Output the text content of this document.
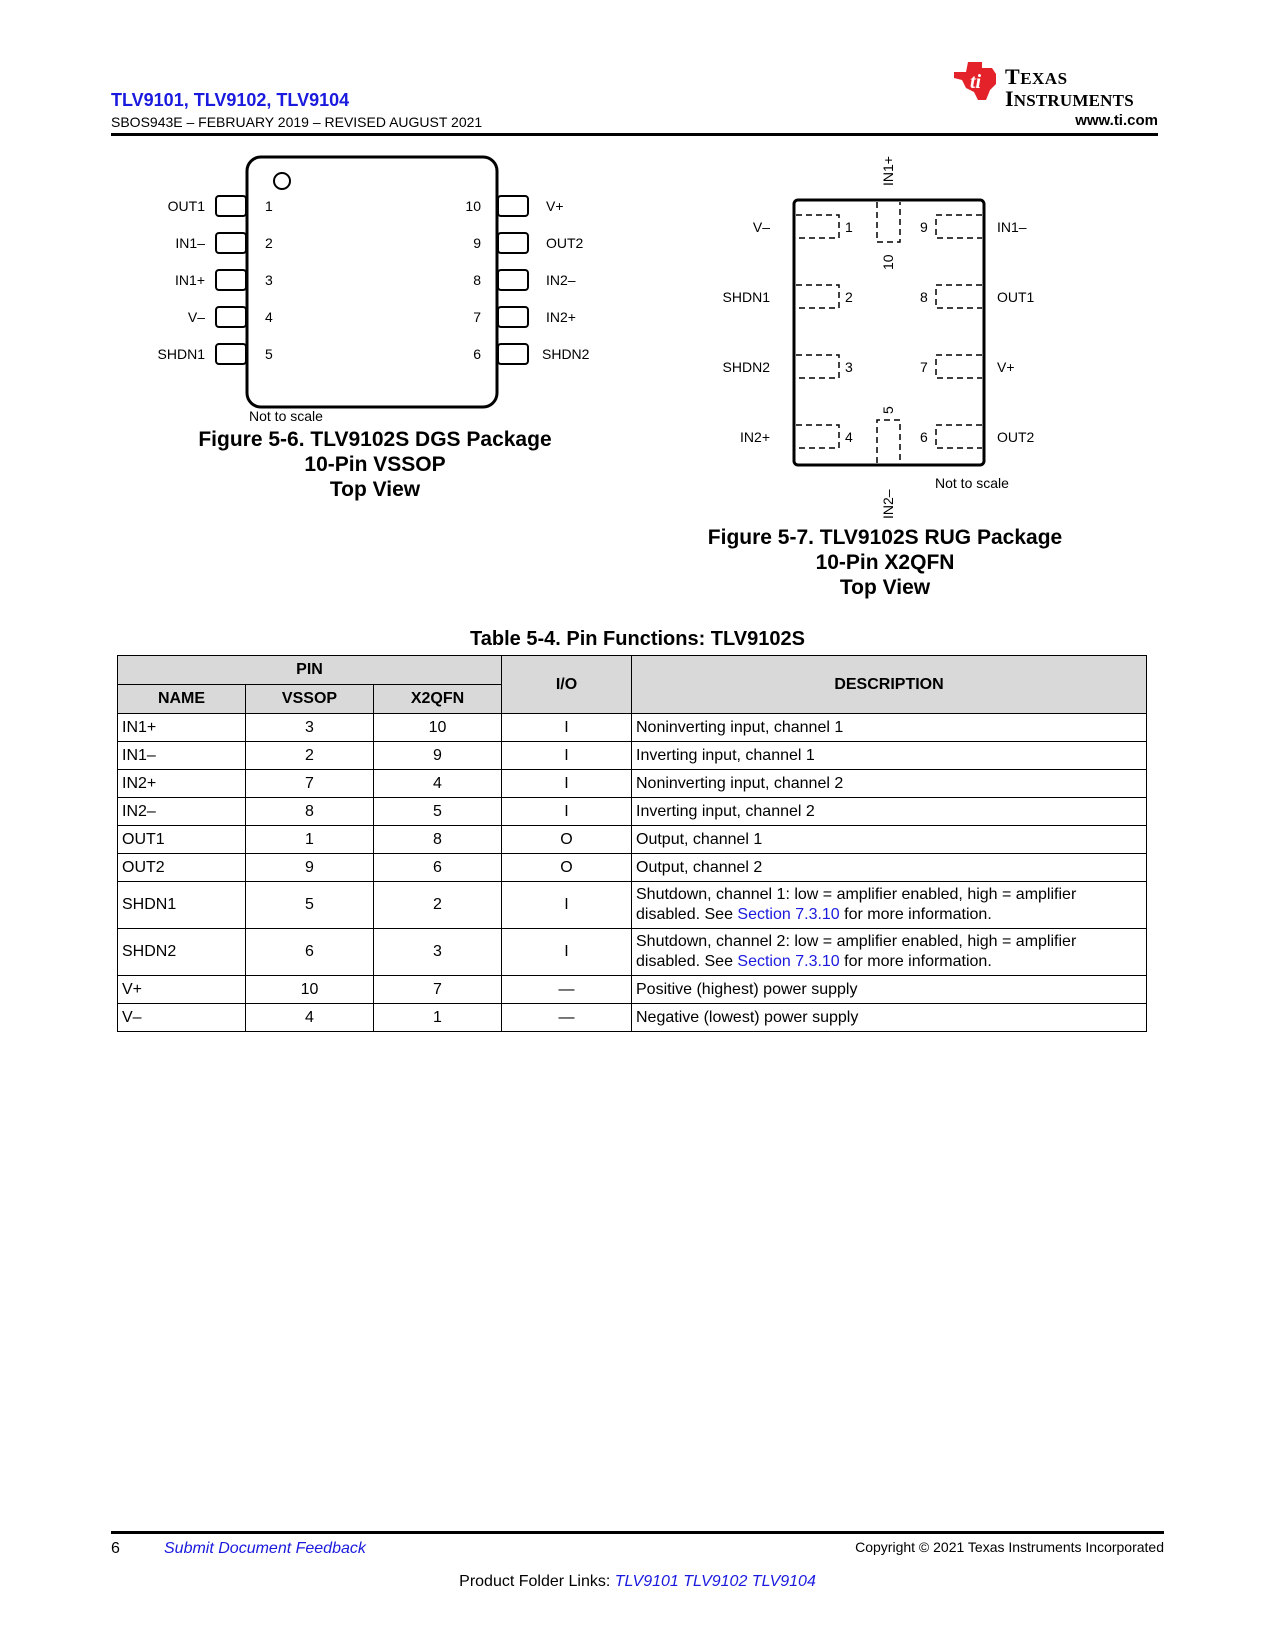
TLV9101, TLV9102, TLV9104
SBOS943E – FEBRUARY 2019 – REVISED AUGUST 2021	www.ti.com
ti TEXAS
INSTRUMENTS
OUT1
IN1–
IN1+
V–
SHDN1
1
2
3
4
5
10
9
8
7
6
V+
OUT2
IN2–
IN2+
SHDN2
Not to scale
Figure 5-6. TLV9102S DGS Package
10-Pin VSSOP
Top View
V–
SHDN1
SHDN2
IN2+
1
2
3
4
9
8
7
6
IN1–
OUT1
V+
OUT2
IN1+
10
5
IN2–
Not to scale
Figure 5-7. TLV9102S RUG Package
10-Pin X2QFN
Top View
Table 5-4. Pin Functions: TLV9102S
PIN			I/O	DESCRIPTION
NAME	VSSOP	X2QFN		
IN1+	3	10	I	Noninverting input, channel 1
IN1–	2	9	I	Inverting input, channel 1
IN2+	7	4	I	Noninverting input, channel 2
IN2–	8	5	I	Inverting input, channel 2
OUT1	1	8	O	Output, channel 1
OUT2	9	6	O	Output, channel 2
SHDN1	5	2	I	Shutdown, channel 1: low = amplifier enabled, high = amplifier disabled. See Section 7.3.10 for more information.
SHDN2	6	3	I	Shutdown, channel 2: low = amplifier enabled, high = amplifier disabled. See Section 7.3.10 for more information.
V+	10	7	—	Positive (highest) power supply
V–	4	1	—	Negative (lowest) power supply
6	Submit Document Feedback	Copyright © 2021 Texas Instruments Incorporated
Product Folder Links: TLV9101 TLV9102 TLV9104
